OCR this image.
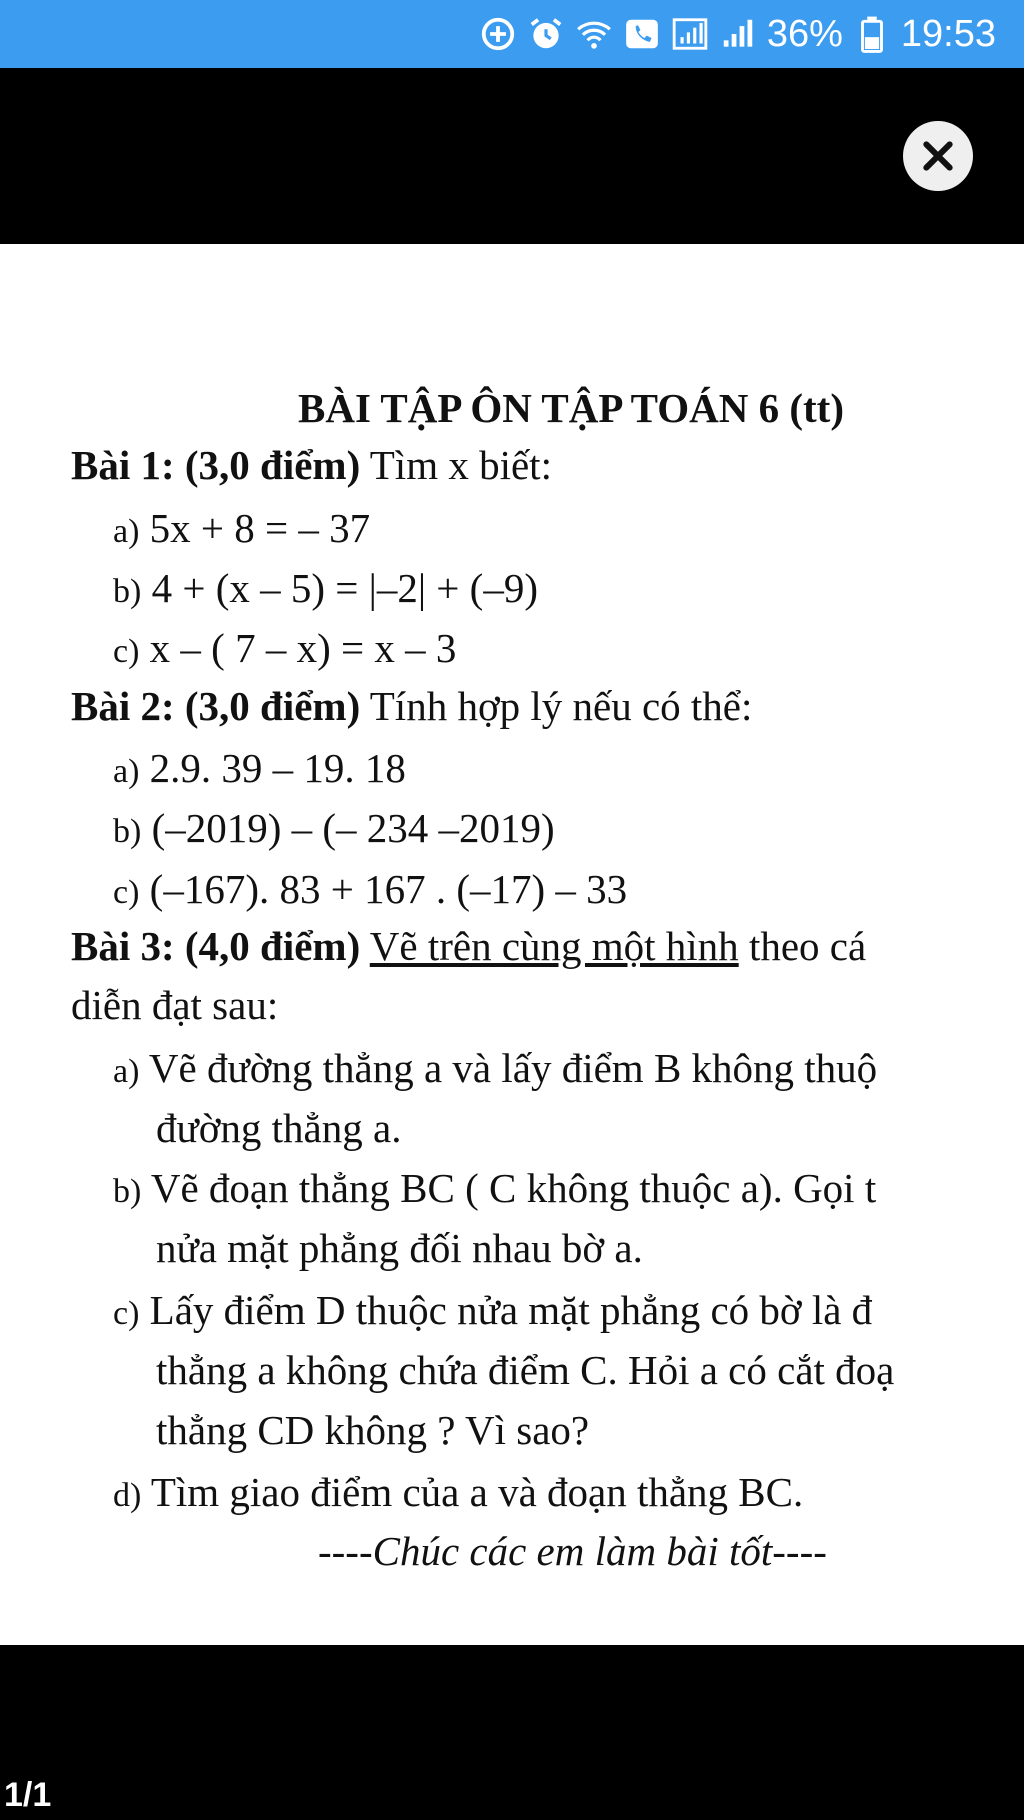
36% 19:53
BÀI TẬP ÔN TẬP TOÁN 6 (tt)
Bài 1: (3,0 điểm) Tìm x biết:
a) 5x + 8 = – 37
b) 4 + (x – 5) = |–2| + (–9)
c) x – ( 7 – x) = x – 3
Bài 2: (3,0 điểm) Tính hợp lý nếu có thể:
a) 2.9. 39 – 19. 18
b) (–2019) – (– 234 –2019)
c) (–167). 83 + 167 . (–17) – 33
Bài 3: (4,0 điểm) Vẽ trên cùng một hình theo cá
diễn đạt sau:
a) Vẽ đường thẳng a và lấy điểm B không thuộ
đường thẳng a.
b) Vẽ đoạn thẳng BC ( C không thuộc a). Gọi t
nửa mặt phẳng đối nhau bờ a.
c) Lấy điểm D thuộc nửa mặt phẳng có bờ là đ
thẳng a không chứa điểm C. Hỏi a có cắt đoạ
thẳng CD không ? Vì sao?
d) Tìm giao điểm của a và đoạn thẳng BC.
----Chúc các em làm bài tốt----
1/1
